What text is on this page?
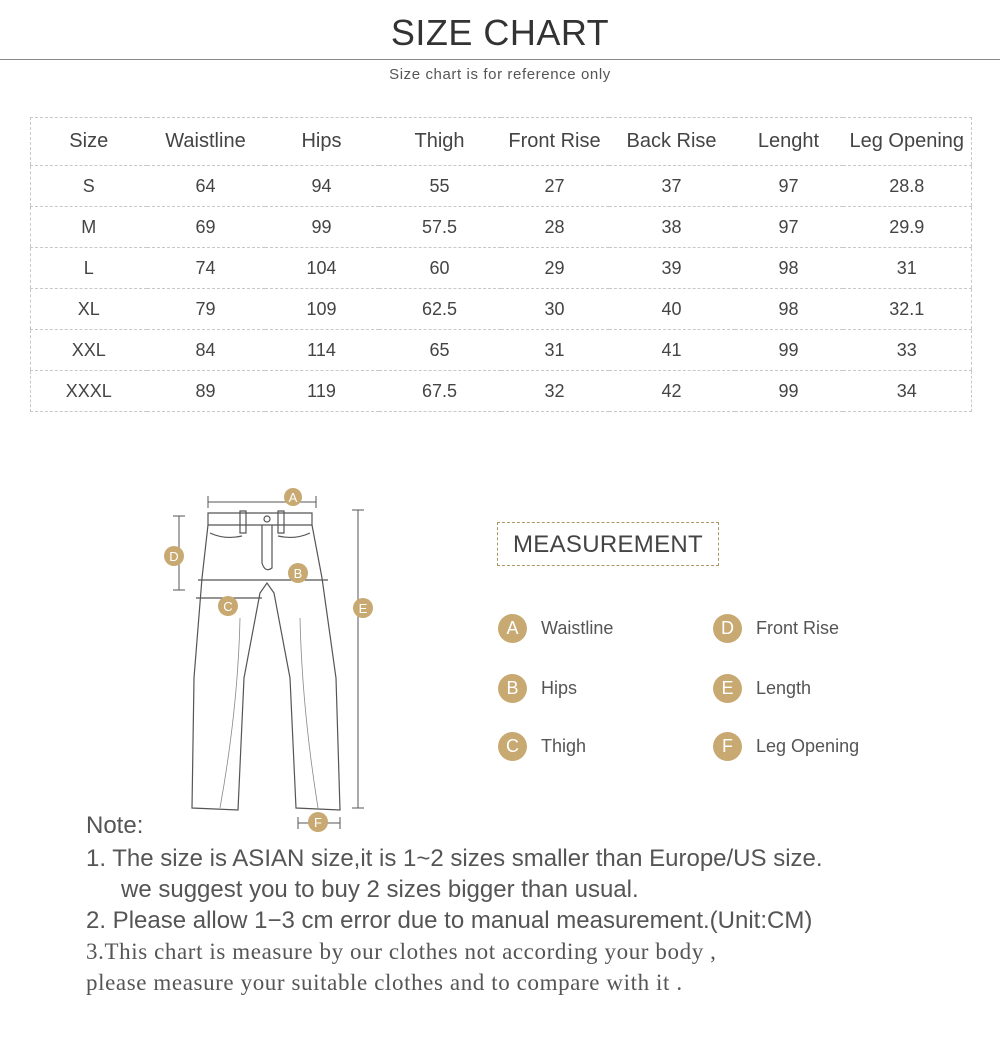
SIZE CHART
Size chart is for reference only
Size	Waistline	Hips	Thigh	Front Rise	Back Rise	Lenght	Leg Opening
S	64	94	55	27	37	97	28.8
M	69	99	57.5	28	38	97	29.9
L	74	104	60	29	39	98	31
XL	79	109	62.5	30	40	98	32.1
XXL	84	114	65	31	41	99	33
XXXL	89	119	67.5	32	42	99	34
A
B
C
D
E
F
MEASUREMENT
A	Waistline
B	Hips
C	Thigh
D	Front Rise
E	Length
F	Leg Opening
Note:
1. The size is ASIAN size,it is 1~2 sizes smaller than Europe/US size.
we suggest you to buy 2 sizes bigger than usual.
2. Please allow 1−3 cm error due to manual measurement.(Unit:CM)
3.This chart is measure by our clothes not according your body ,
please measure your suitable clothes and to compare with it .
